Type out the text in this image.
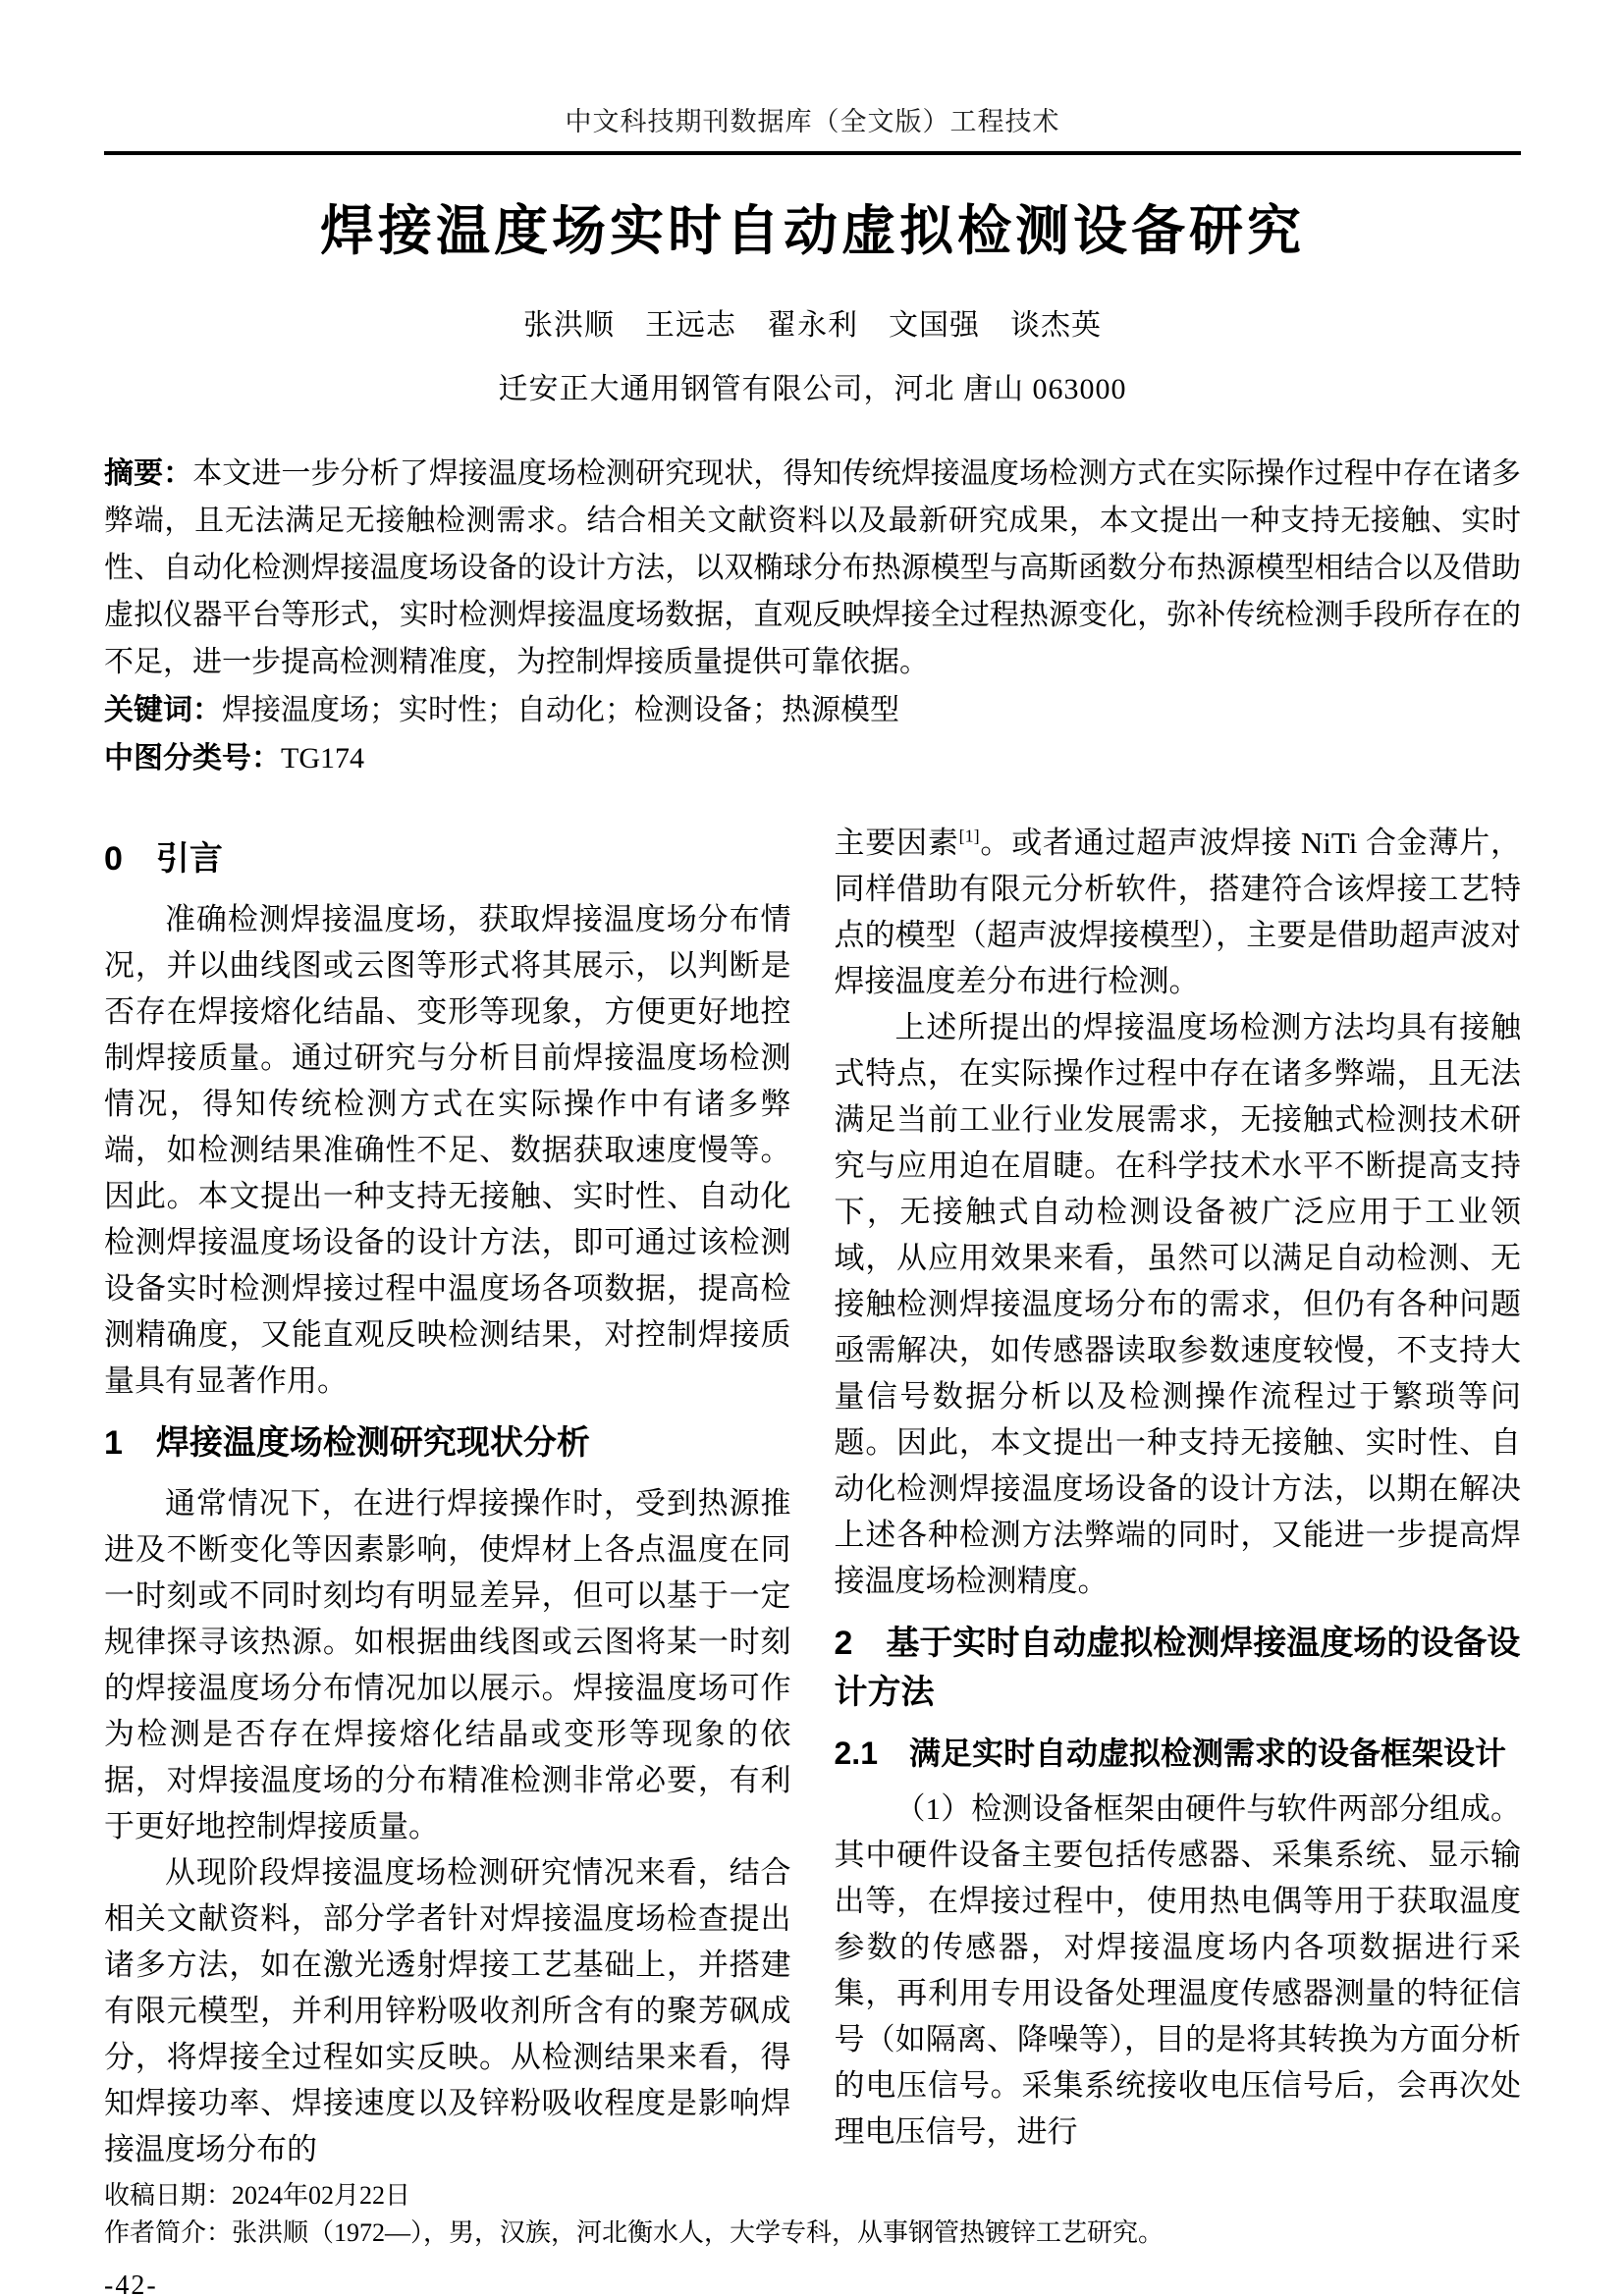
中文科技期刊数据库（全文版）工程技术
焊接温度场实时自动虚拟检测设备研究
张洪顺　王远志　翟永利　文国强　谈杰英
迁安正大通用钢管有限公司，河北 唐山 063000
摘要：本文进一步分析了焊接温度场检测研究现状，得知传统焊接温度场检测方式在实际操作过程中存在诸多弊端，且无法满足无接触检测需求。结合相关文献资料以及最新研究成果，本文提出一种支持无接触、实时性、自动化检测焊接温度场设备的设计方法，以双椭球分布热源模型与高斯函数分布热源模型相结合以及借助虚拟仪器平台等形式，实时检测焊接温度场数据，直观反映焊接全过程热源变化，弥补传统检测手段所存在的不足，进一步提高检测精准度，为控制焊接质量提供可靠依据。
关键词：焊接温度场；实时性；自动化；检测设备；热源模型
中图分类号：TG174
0　引言

准确检测焊接温度场，获取焊接温度场分布情况，并以曲线图或云图等形式将其展示，以判断是否存在焊接熔化结晶、变形等现象，方便更好地控制焊接质量。通过研究与分析目前焊接温度场检测情况，得知传统检测方式在实际操作中有诸多弊端，如检测结果准确性不足、数据获取速度慢等。因此。本文提出一种支持无接触、实时性、自动化检测焊接温度场设备的设计方法，即可通过该检测设备实时检测焊接过程中温度场各项数据，提高检测精确度，又能直观反映检测结果，对控制焊接质量具有显著作用。

1　焊接温度场检测研究现状分析

通常情况下，在进行焊接操作时，受到热源推进及不断变化等因素影响，使焊材上各点温度在同一时刻或不同时刻均有明显差异，但可以基于一定规律探寻该热源。如根据曲线图或云图将某一时刻的焊接温度场分布情况加以展示。焊接温度场可作为检测是否存在焊接熔化结晶或变形等现象的依据，对焊接温度场的分布精准检测非常必要，有利于更好地控制焊接质量。

从现阶段焊接温度场检测研究情况来看，结合相关文献资料，部分学者针对焊接温度场检查提出诸多方法，如在激光透射焊接工艺基础上，并搭建有限元模型，并利用锌粉吸收剂所含有的聚芳砜成分，将焊接全过程如实反映。从检测结果来看，得知焊接功率、焊接速度以及锌粉吸收程度是影响焊接温度场分布的

主要因素[1]。或者通过超声波焊接 NiTi 合金薄片，同样借助有限元分析软件，搭建符合该焊接工艺特点的模型（超声波焊接模型），主要是借助超声波对焊接温度差分布进行检测。

上述所提出的焊接温度场检测方法均具有接触式特点，在实际操作过程中存在诸多弊端，且无法满足当前工业行业发展需求，无接触式检测技术研究与应用迫在眉睫。在科学技术水平不断提高支持下，无接触式自动检测设备被广泛应用于工业领域，从应用效果来看，虽然可以满足自动检测、无接触检测焊接温度场分布的需求，但仍有各种问题亟需解决，如传感器读取参数速度较慢，不支持大量信号数据分析以及检测操作流程过于繁琐等问题。因此，本文提出一种支持无接触、实时性、自动化检测焊接温度场设备的设计方法，以期在解决上述各种检测方法弊端的同时，又能进一步提高焊接温度场检测精度。

2　基于实时自动虚拟检测焊接温度场的设备设计方法
2.1　满足实时自动虚拟检测需求的设备框架设计

（1）检测设备框架由硬件与软件两部分组成。其中硬件设备主要包括传感器、采集系统、显示输出等，在焊接过程中，使用热电偶等用于获取温度参数的传感器，对焊接温度场内各项数据进行采集，再利用专用设备处理温度传感器测量的特征信号（如隔离、降噪等），目的是将其转换为方面分析的电压信号。采集系统接收电压信号后，会再次处理电压信号，进行

收稿日期：2024年02月22日
作者简介：张洪顺（1972—），男，汉族，河北衡水人，大学专科，从事钢管热镀锌工艺研究。
-42-
